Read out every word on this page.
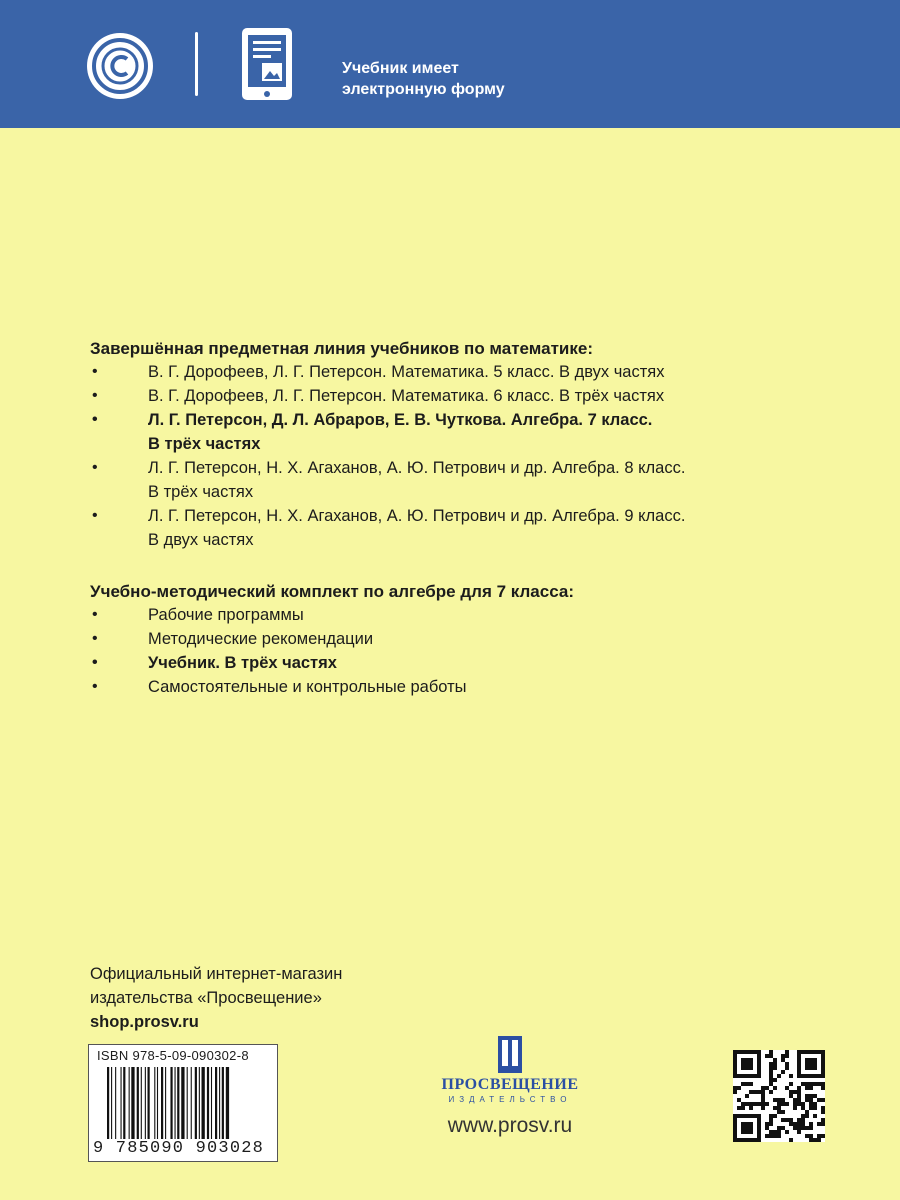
Учебник имеет
электронную форму
Завершённая предметная линия учебников по математике:
•	В. Г. Дорофеев, Л. Г. Петерсон. Математика. 5 класс. В двух частях
•	В. Г. Дорофеев, Л. Г. Петерсон. Математика. 6 класс. В трёх частях
•	Л. Г. Петерсон, Д. Л. Абраров, Е. В. Чуткова. Алгебра. 7 класс.
В трёх частях
•	Л. Г. Петерсон, Н. Х. Агаханов, А. Ю. Петрович и др. Алгебра. 8 класс.
В трёх частях
•	Л. Г. Петерсон, Н. Х. Агаханов, А. Ю. Петрович и др. Алгебра. 9 класс.
В двух частях
Учебно-методический комплект по алгебре для 7 класса:
•	Рабочие программы
•	Методические рекомендации
•	Учебник. В трёх частях
•	Самостоятельные и контрольные работы
Официальный интернет-магазин
издательства «Просвещение»
shop.prosv.ru
ISBN 978-5-09-090302-8
9 785090 903028
ПРОСВЕЩЕНИЕ
ИЗДАТЕЛЬСТВО
www.prosv.ru
